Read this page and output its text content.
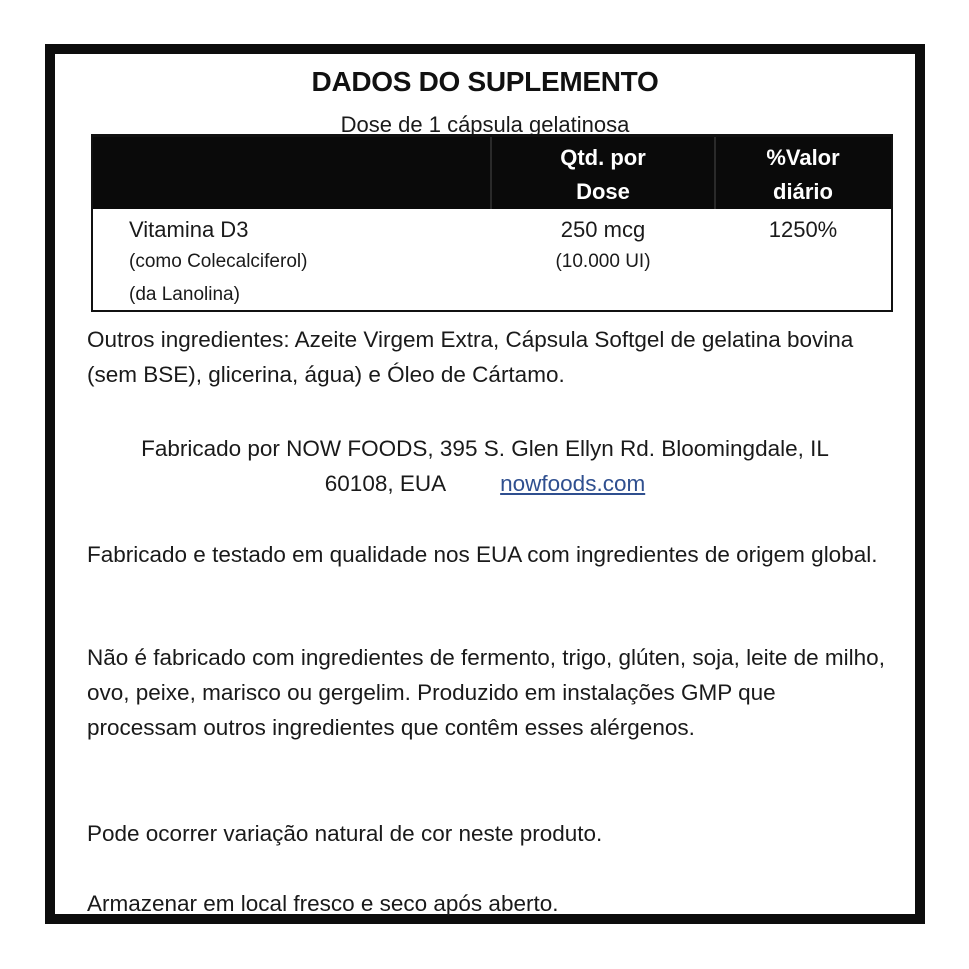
DADOS DO SUPLEMENTO
Dose de 1 cápsula gelatinosa
Qtd. por
Dose
%Valor
diário
Vitamina D3
(como Colecalciferol)
(da Lanolina)
250 mcg
(10.000 UI)
1250%
Outros ingredientes: Azeite Virgem Extra, Cápsula Softgel de gelatina bovina (sem BSE), glicerina, água) e Óleo de Cártamo.
Fabricado por NOW FOODS, 395 S. Glen Ellyn Rd. Bloomingdale, IL
60108, EUA nowfoods.com
Fabricado e testado em qualidade nos EUA com ingredientes de origem global.
Não é fabricado com ingredientes de fermento, trigo, glúten, soja, leite de milho, ovo, peixe, marisco ou gergelim. Produzido em instalações GMP que processam outros ingredientes que contêm esses alérgenos.
Pode ocorrer variação natural de cor neste produto.
Armazenar em local fresco e seco após aberto.
